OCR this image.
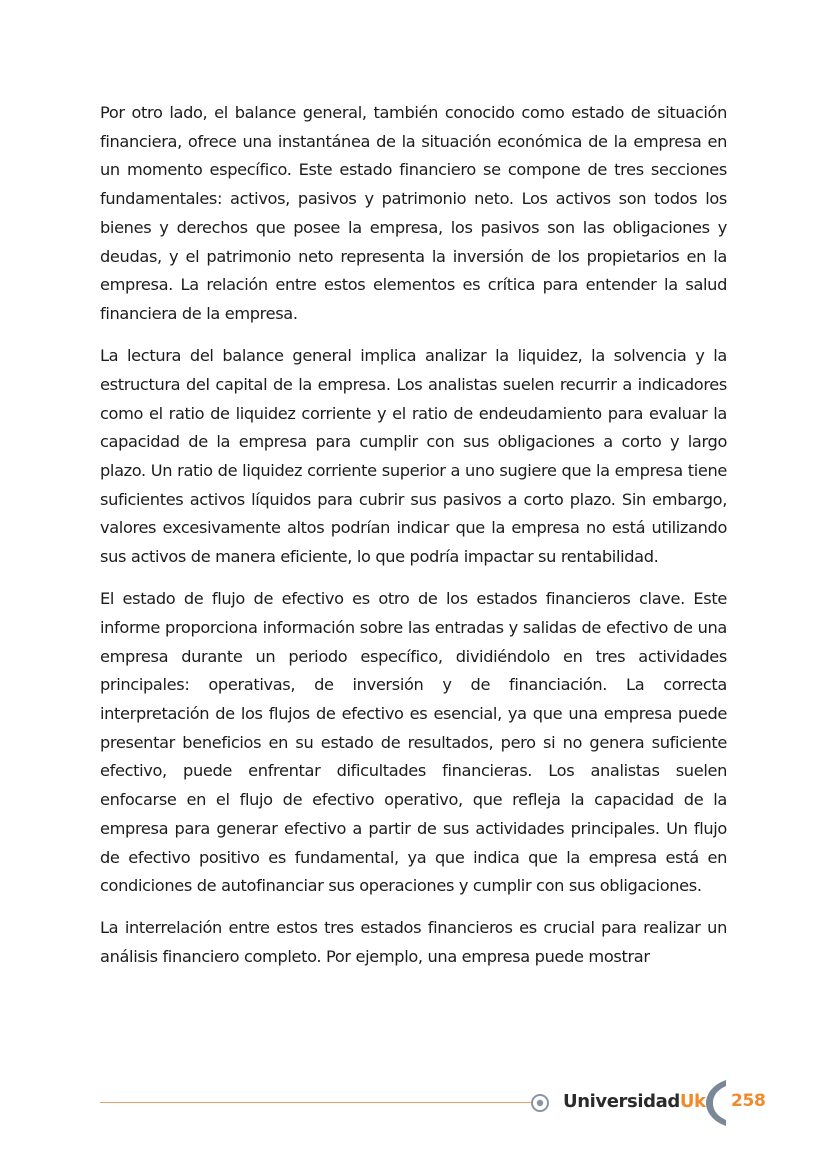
Por otro lado, el balance general, también conocido como estado de situación financiera, ofrece una instantánea de la situación económica de la empresa en un momento específico. Este estado financiero se compone de tres secciones fundamentales: activos, pasivos y patrimonio neto. Los activos son todos los bienes y derechos que posee la empresa, los pasivos son las obligaciones y deudas, y el patrimonio neto representa la inversión de los propietarios en la empresa. La relación entre estos elementos es crítica para entender la salud financiera de la empresa.

La lectura del balance general implica analizar la liquidez, la solvencia y la estructura del capital de la empresa. Los analistas suelen recurrir a indicadores como el ratio de liquidez corriente y el ratio de endeudamiento para evaluar la capacidad de la empresa para cumplir con sus obligaciones a corto y largo plazo. Un ratio de liquidez corriente superior a uno sugiere que la empresa tiene suficientes activos líquidos para cubrir sus pasivos a corto plazo. Sin embargo, valores excesivamente altos podrían indicar que la empresa no está utilizando sus activos de manera eficiente, lo que podría impactar su rentabilidad.

El estado de flujo de efectivo es otro de los estados financieros clave. Este informe proporciona información sobre las entradas y salidas de efectivo de una empresa durante un periodo específico, dividiéndolo en tres actividades principales: operativas, de inversión y de financiación. La correcta interpretación de los flujos de efectivo es esencial, ya que una empresa puede presentar beneficios en su estado de resultados, pero si no genera suficiente efectivo, puede enfrentar dificultades financieras. Los analistas suelen enfocarse en el flujo de efectivo operativo, que refleja la capacidad de la empresa para generar efectivo a partir de sus actividades principales. Un flujo de efectivo positivo es fundamental, ya que indica que la empresa está en condiciones de autofinanciar sus operaciones y cumplir con sus obligaciones.

La interrelación entre estos tres estados financieros es crucial para realizar un análisis financiero completo. Por ejemplo, una empresa puede mostrar

UniversidadUk 258
